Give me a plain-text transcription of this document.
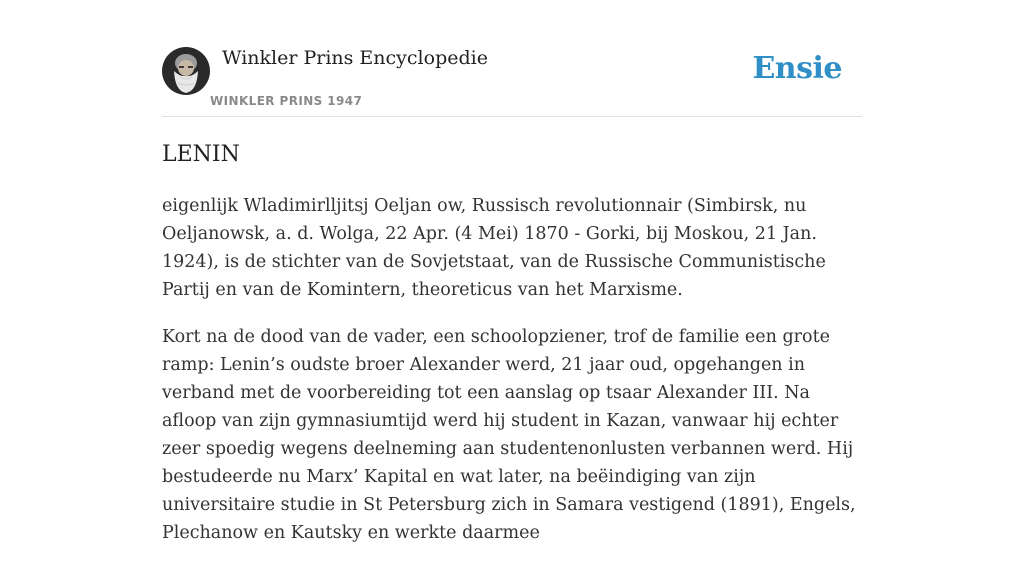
Winkler Prins Encyclopedie
WINKLER PRINS 1947
Ensie
LENIN

eigenlijk Wladimirlljitsj Oeljan ow, Russisch revolutionnair (Simbirsk, nu Oeljanowsk, a. d. Wolga, 22 Apr. (4 Mei) 1870 - Gorki, bij Moskou, 21 Jan. 1924), is de stichter van de Sovjetstaat, van de Russische Communistische Partij en van de Komintern, theoreticus van het Marxisme.

Kort na de dood van de vader, een schoolopziener, trof de familie een grote ramp: Lenin’s oudste broer Alexander werd, 21 jaar oud, opgehangen in verband met de voorbereiding tot een aanslag op tsaar Alexander III. Na afloop van zijn gymnasiumtijd werd hij student in Kazan, vanwaar hij echter zeer spoedig wegens deelneming aan studentenonlusten verbannen werd. Hij bestudeerde nu Marx’ Kapital en wat later, na beëindiging van zijn universitaire studie in St Petersburg zich in Samara vestigend (1891), Engels, Plechanow en Kautsky en werkte daarmee
